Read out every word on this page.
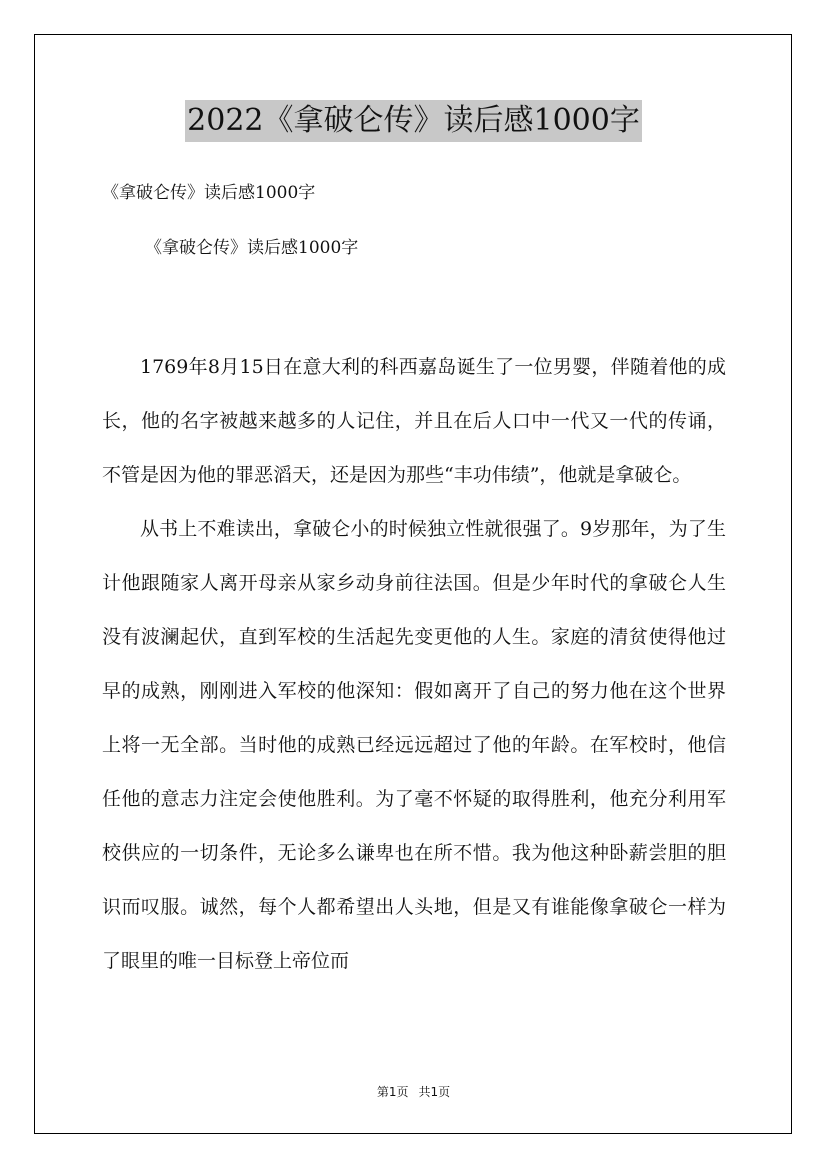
2022《拿破仑传》读后感1000字
《拿破仑传》读后感1000字
《拿破仑传》读后感1000字

1769年8月15日在意大利的科西嘉岛诞生了一位男婴，伴随着他的成长，他的名字被越来越多的人记住，并且在后人口中一代又一代的传诵，不管是因为他的罪恶滔天，还是因为那些“丰功伟绩”，他就是拿破仑。

从书上不难读出，拿破仑小的时候独立性就很强了。9岁那年，为了生计他跟随家人离开母亲从家乡动身前往法国。但是少年时代的拿破仑人生没有波澜起伏，直到军校的生活起先变更他的人生。家庭的清贫使得他过早的成熟，刚刚进入军校的他深知：假如离开了自己的努力他在这个世界上将一无全部。当时他的成熟已经远远超过了他的年龄。在军校时，他信任他的意志力注定会使他胜利。为了毫不怀疑的取得胜利，他充分利用军校供应的一切条件，无论多么谦卑也在所不惜。我为他这种卧薪尝胆的胆识而叹服。诚然，每个人都希望出人头地，但是又有谁能像拿破仑一样为了眼里的唯一目标登上帝位而

第1页 共1页
